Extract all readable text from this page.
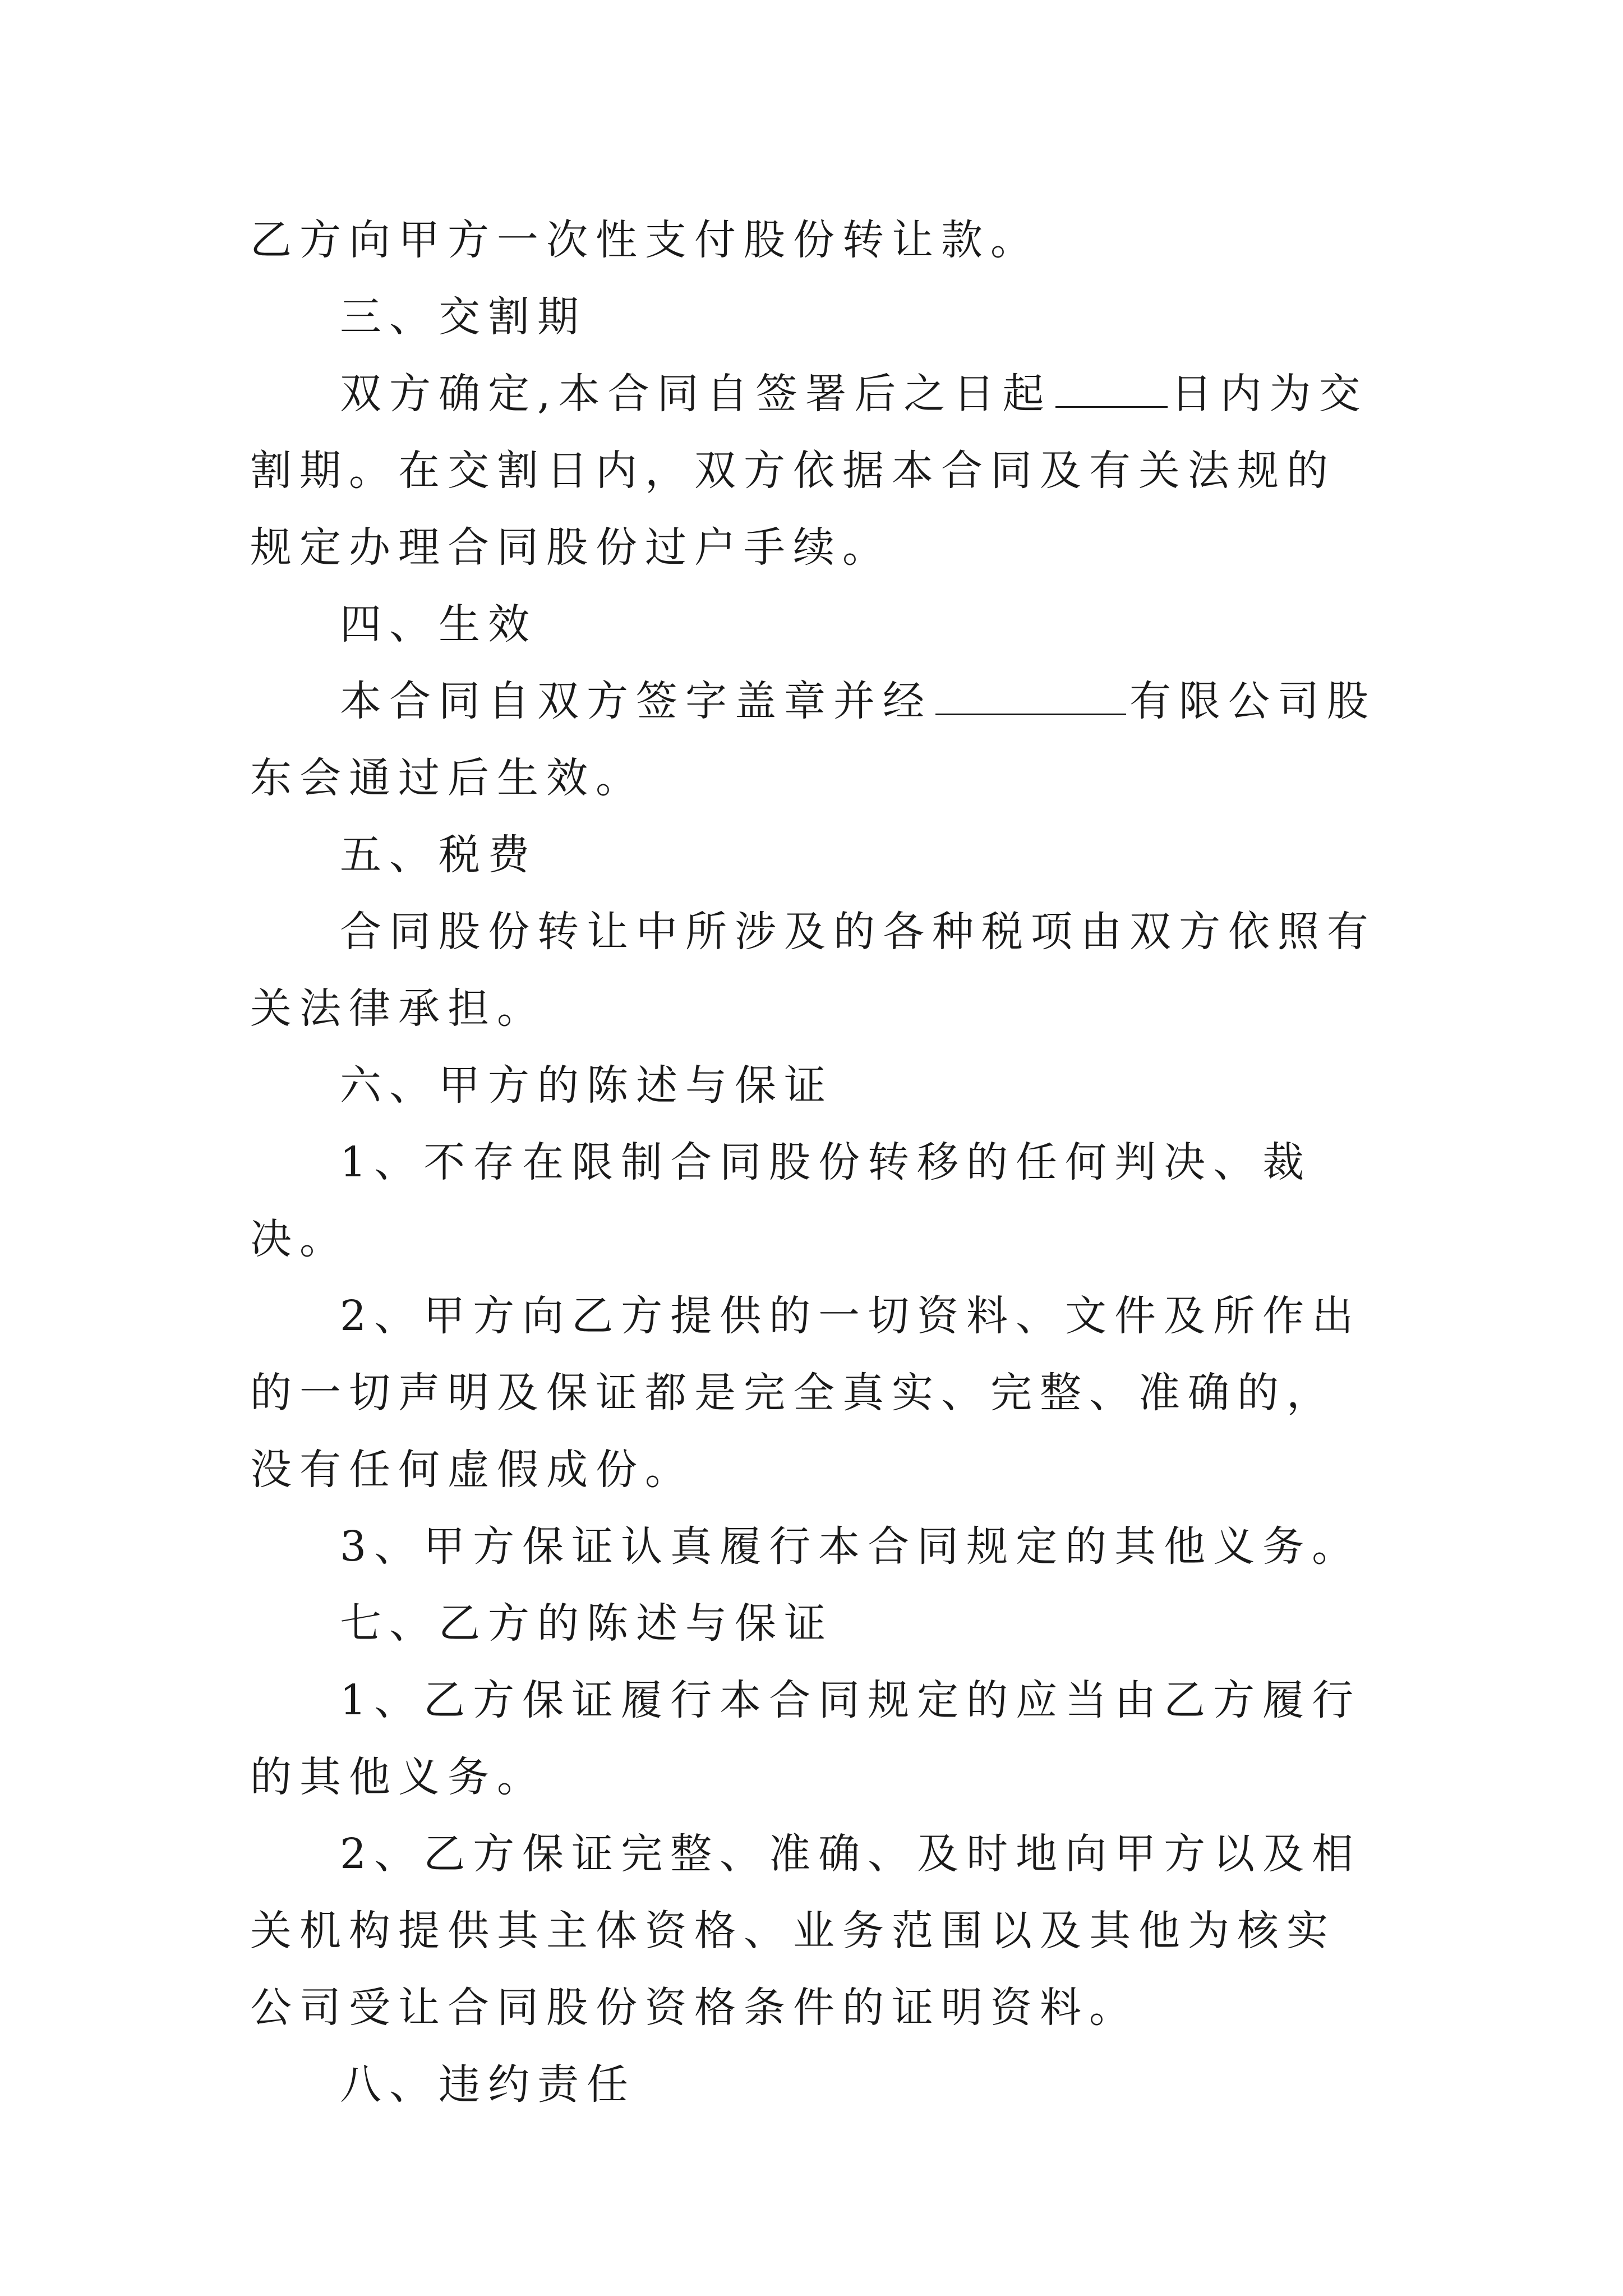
乙方向甲方一次性支付股份转让款。

三、交割期

双方确定,本合同自签署后之日起	日内为交割期。在交割日内，双方依据本合同及有关法规的规定办理合同股份过户手续。

四、生效

本合同自双方签字盖章并经	有限公司股东会通过后生效。

五、税费

合同股份转让中所涉及的各种税项由双方依照有关法律承担。

六、甲方的陈述与保证

1、不存在限制合同股份转移的任何判决、裁决。

2、甲方向乙方提供的一切资料、文件及所作出的一切声明及保证都是完全真实、完整、准确的，没有任何虚假成份。

3、甲方保证认真履行本合同规定的其他义务。

七、乙方的陈述与保证

1、乙方保证履行本合同规定的应当由乙方履行的其他义务。

2、乙方保证完整、准确、及时地向甲方以及相关机构提供其主体资格、业务范围以及其他为核实公司受让合同股份资格条件的证明资料。

八、违约责任
